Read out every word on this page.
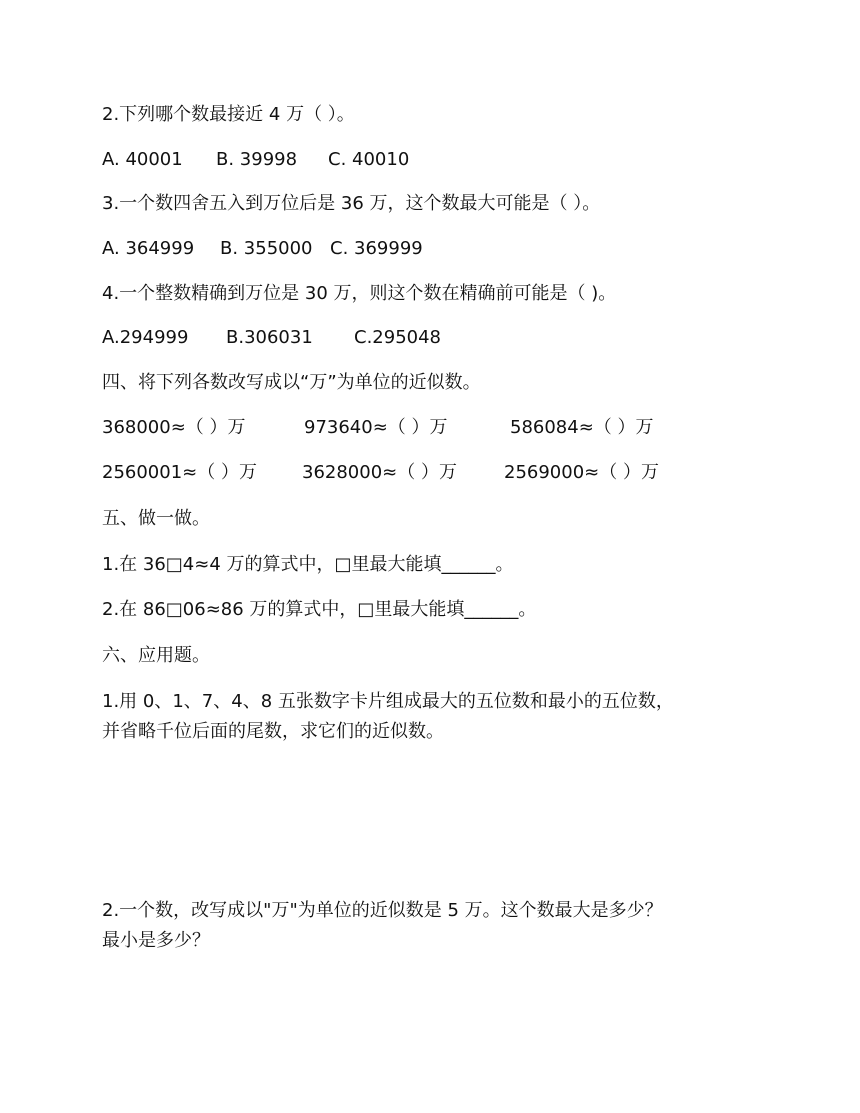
2.下列哪个数最接近 4 万（ ）。
A. 40001 B. 39998 C. 40010
3.一个数四舍五入到万位后是 36 万，这个数最大可能是（ ）。
A. 364999 B. 355000 C. 369999
4.一个整数精确到万位是 30 万，则这个数在精确前可能是（ )。
A.294999 B.306031 C.295048
四、将下列各数改写成以“万”为单位的近似数。
368000≈（ ）万	973640≈（ ）万	586084≈（ ）万
2560001≈（ ）万	3628000≈（ ）万	2569000≈（ ）万
五、做一做。
1.在 36□4≈4 万的算式中，□里最大能填______。
2.在 86□06≈86 万的算式中，□里最大能填______。
六、应用题。
1.用 0、1、7、4、8 五张数字卡片组成最大的五位数和最小的五位数，
并省略千位后面的尾数，求它们的近似数。
2.一个数，改写成以"万"为单位的近似数是 5 万。这个数最大是多少？
最小是多少？
